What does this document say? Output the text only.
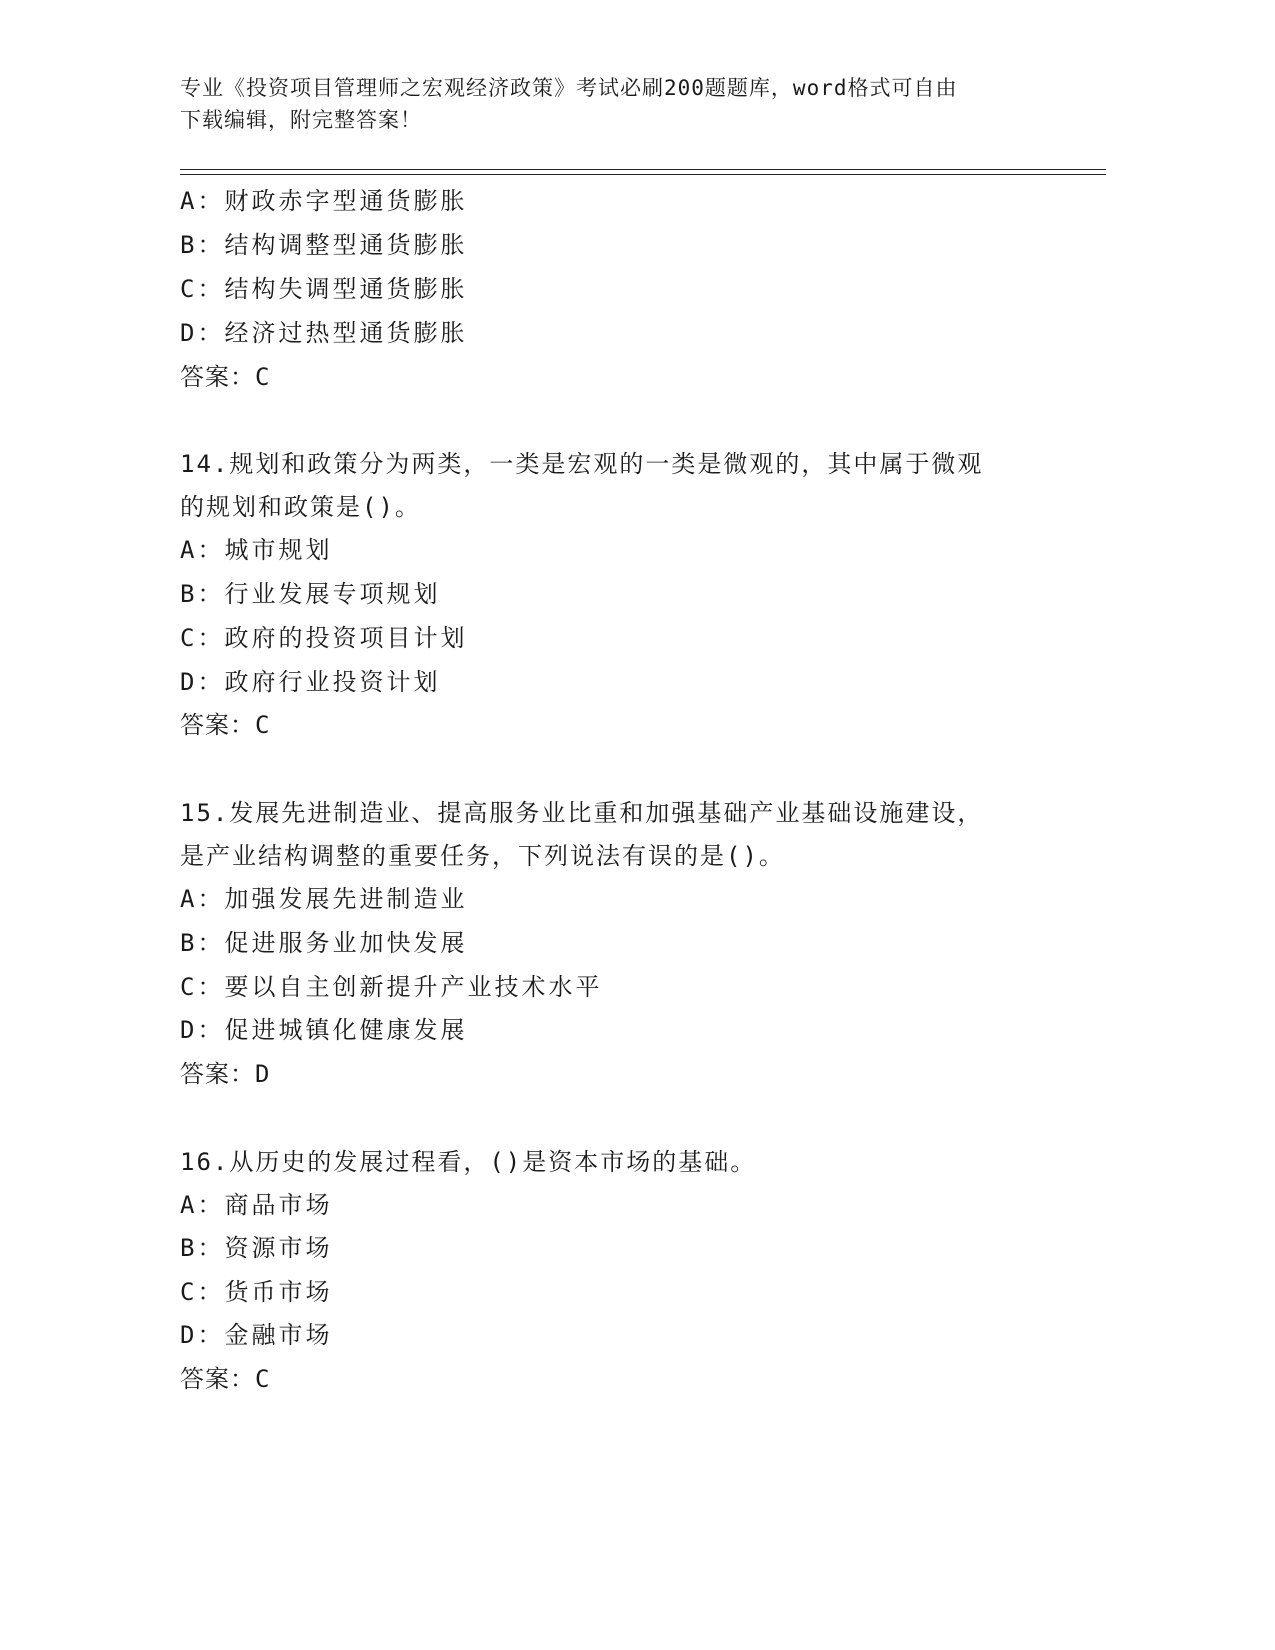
专业《投资项目管理师之宏观经济政策》考试必刷200题题库，word格式可自由
下载编辑，附完整答案！
A：财政赤字型通货膨胀
B：结构调整型通货膨胀
C：结构失调型通货膨胀
D：经济过热型通货膨胀
答案：C
14.规划和政策分为两类，一类是宏观的一类是微观的，其中属于微观
的规划和政策是()。
A：城市规划
B：行业发展专项规划
C：政府的投资项目计划
D：政府行业投资计划
答案：C
15.发展先进制造业、提高服务业比重和加强基础产业基础设施建设，
是产业结构调整的重要任务，下列说法有误的是()。
A：加强发展先进制造业
B：促进服务业加快发展
C：要以自主创新提升产业技术水平
D：促进城镇化健康发展
答案：D
16.从历史的发展过程看，()是资本市场的基础。
A：商品市场
B：资源市场
C：货币市场
D：金融市场
答案：C
